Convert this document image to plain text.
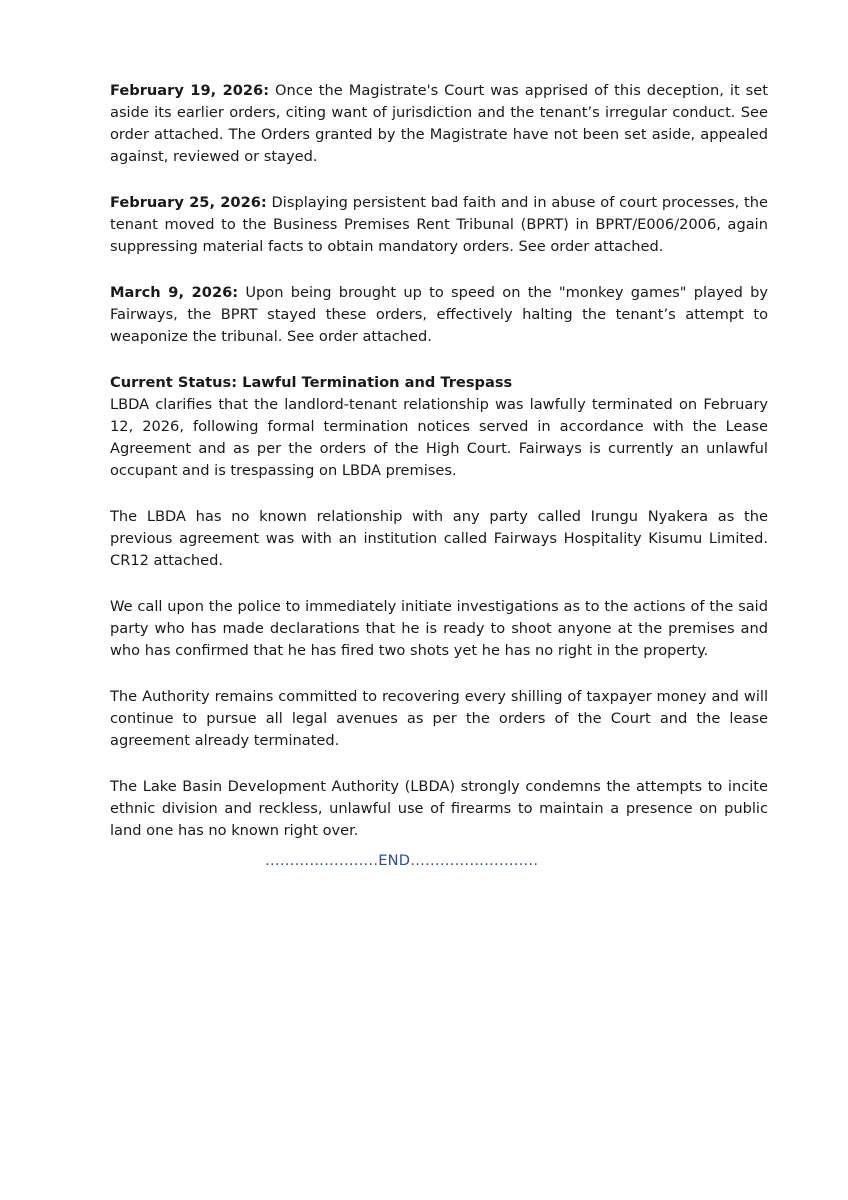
February 19, 2026: Once the Magistrate's Court was apprised of this deception, it set aside its earlier orders, citing want of jurisdiction and the tenant’s irregular conduct. See order attached. The Orders granted by the Magistrate have not been set aside, appealed against, reviewed or stayed.

February 25, 2026: Displaying persistent bad faith and in abuse of court processes, the tenant moved to the Business Premises Rent Tribunal (BPRT) in BPRT/E006/2006, again suppressing material facts to obtain mandatory orders. See order attached.

March 9, 2026: Upon being brought up to speed on the "monkey games" played by Fairways, the BPRT stayed these orders, effectively halting the tenant’s attempt to weaponize the tribunal. See order attached.

Current Status: Lawful Termination and Trespass

LBDA clarifies that the landlord-tenant relationship was lawfully terminated on February 12, 2026, following formal termination notices served in accordance with the Lease Agreement and as per the orders of the High Court. Fairways is currently an unlawful occupant and is trespassing on LBDA premises.

The LBDA has no known relationship with any party called Irungu Nyakera as the previous agreement was with an institution called Fairways Hospitality Kisumu Limited. CR12 attached.

We call upon the police to immediately initiate investigations as to the actions of the said party who has made declarations that he is ready to shoot anyone at the premises and who has confirmed that he has fired two shots yet he has no right in the property.

The Authority remains committed to recovering every shilling of taxpayer money and will continue to pursue all legal avenues as per the orders of the Court and the lease agreement already terminated.

The Lake Basin Development Authority (LBDA) strongly condemns the attempts to incite ethnic division and reckless, unlawful use of firearms to maintain a presence on public land one has no known right over.

…………………..END……………………..
